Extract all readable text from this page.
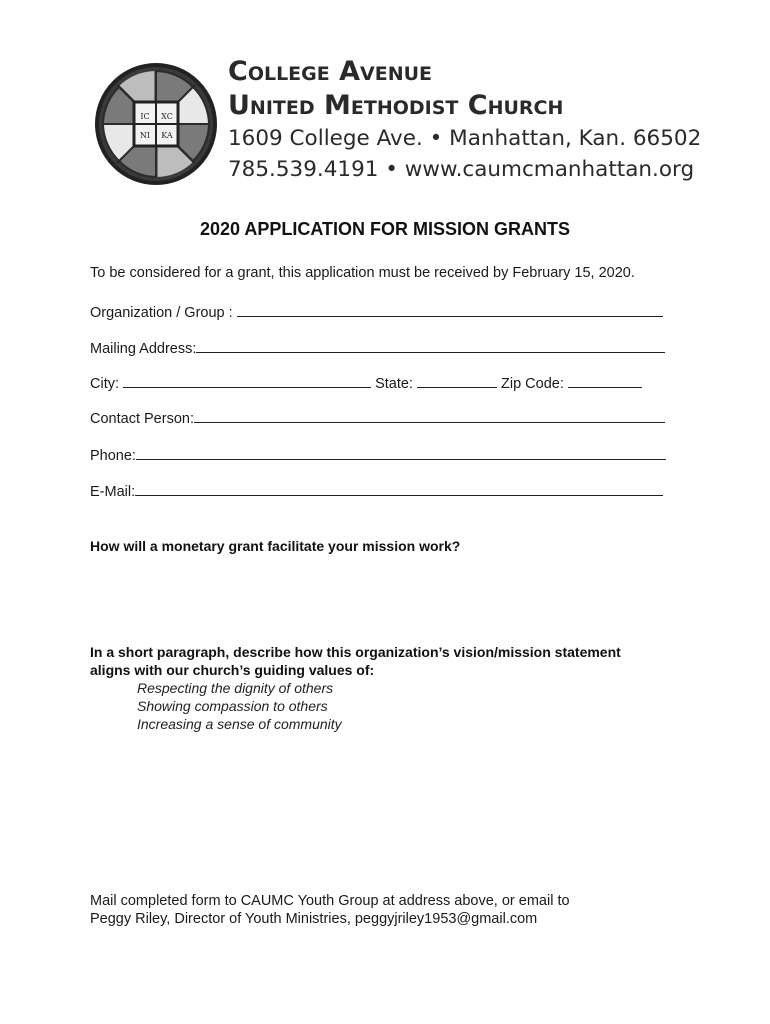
IC XC
NI KA
College Avenue
United Methodist Church
1609 College Ave. • Manhattan, Kan. 66502
785.539.4191 • www.caumcmanhattan.org
2020 APPLICATION FOR MISSION GRANTS
To be considered for a grant, this application must be received by February 15, 2020.
Organization / Group :
Mailing Address:
City:	State:	Zip Code:
Contact Person:
Phone:
E-Mail:
How will a monetary grant facilitate your mission work?
In a short paragraph, describe how this organization’s vision/mission statement
aligns with our church’s guiding values of:
Respecting the dignity of others
Showing compassion to others
Increasing a sense of community
Mail completed form to CAUMC Youth Group at address above, or email to
Peggy Riley, Director of Youth Ministries, peggyjriley1953@gmail.com
